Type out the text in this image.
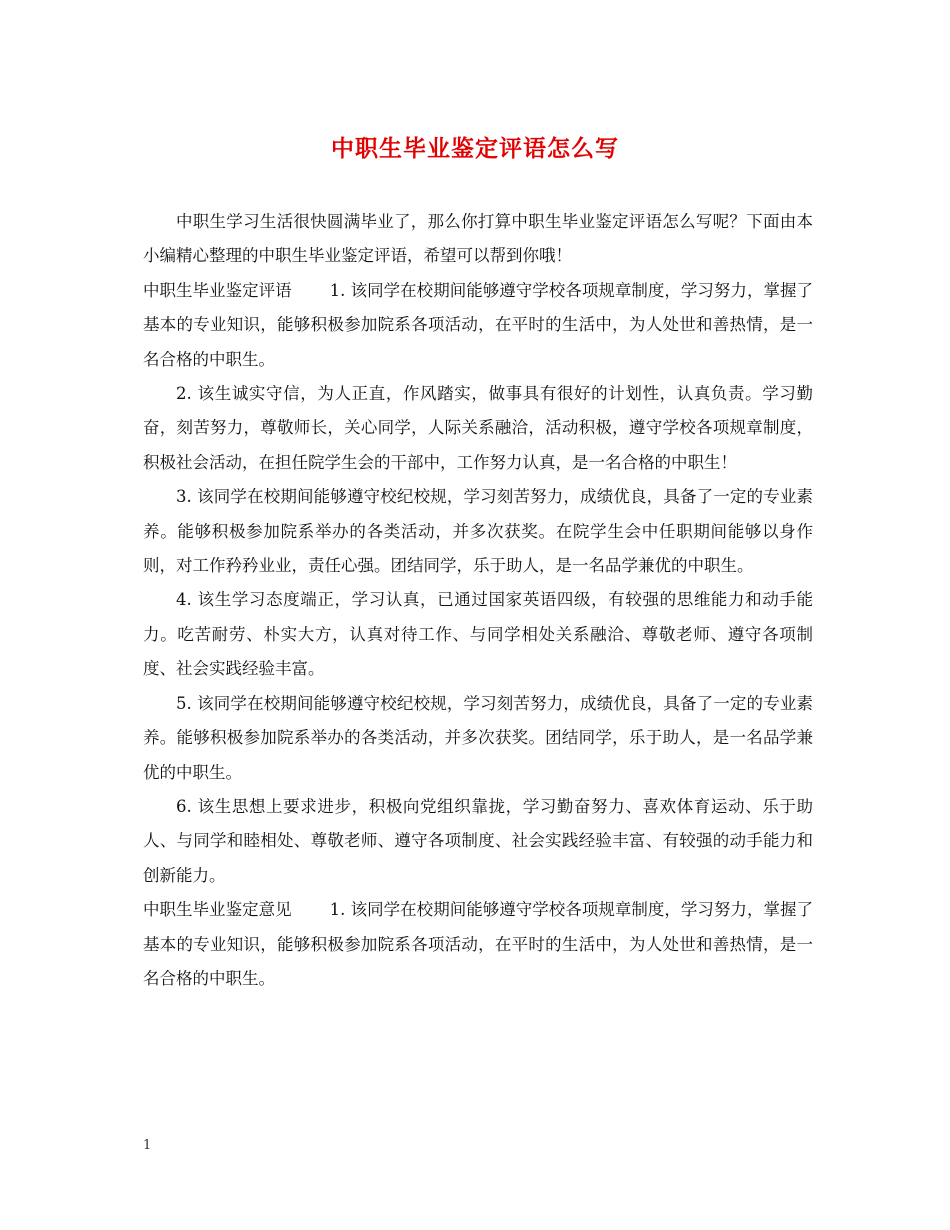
中职生毕业鉴定评语怎么写

中职生学习生活很快圆满毕业了，那么你打算中职生毕业鉴定评语怎么写呢？下面由本小编精心整理的中职生毕业鉴定评语，希望可以帮到你哦！

中职生毕业鉴定评语 1. 该同学在校期间能够遵守学校各项规章制度，学习努力，掌握了基本的专业知识，能够积极参加院系各项活动，在平时的生活中，为人处世和善热情，是一名合格的中职生。

2. 该生诚实守信，为人正直，作风踏实，做事具有很好的计划性，认真负责。学习勤奋，刻苦努力，尊敬师长，关心同学，人际关系融洽，活动积极，遵守学校各项规章制度，积极社会活动，在担任院学生会的干部中，工作努力认真，是一名合格的中职生！

3. 该同学在校期间能够遵守校纪校规，学习刻苦努力，成绩优良，具备了一定的专业素养。能够积极参加院系举办的各类活动，并多次获奖。在院学生会中任职期间能够以身作则，对工作矜矜业业，责任心强。团结同学，乐于助人，是一名品学兼优的中职生。

4. 该生学习态度端正，学习认真，已通过国家英语四级，有较强的思维能力和动手能力。吃苦耐劳、朴实大方，认真对待工作、与同学相处关系融洽、尊敬老师、遵守各项制度、社会实践经验丰富。

5. 该同学在校期间能够遵守校纪校规，学习刻苦努力，成绩优良，具备了一定的专业素养。能够积极参加院系举办的各类活动，并多次获奖。团结同学，乐于助人，是一名品学兼优的中职生。

6. 该生思想上要求进步，积极向党组织靠拢，学习勤奋努力、喜欢体育运动、乐于助人、与同学和睦相处、尊敬老师、遵守各项制度、社会实践经验丰富、有较强的动手能力和创新能力。

中职生毕业鉴定意见 1. 该同学在校期间能够遵守学校各项规章制度，学习努力，掌握了基本的专业知识，能够积极参加院系各项活动，在平时的生活中，为人处世和善热情，是一名合格的中职生。

1
